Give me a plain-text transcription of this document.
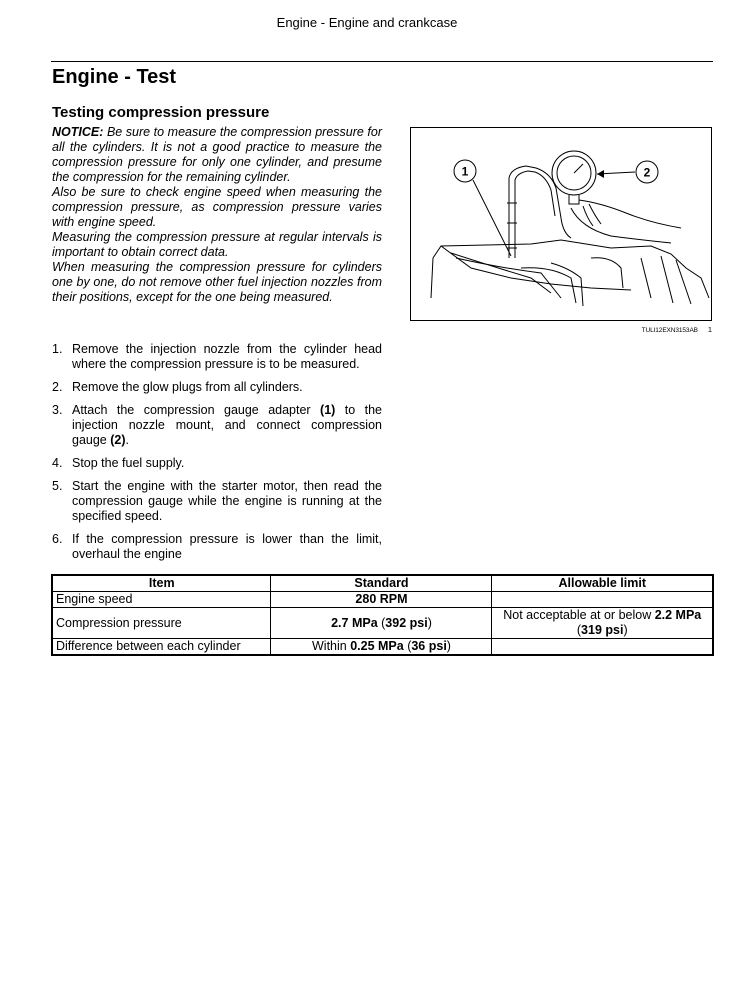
Engine - Engine and crankcase
Engine - Test
Testing compression pressure

NOTICE: Be sure to measure the compression pressure for all the cylinders. It is not a good practice to measure the compression pressure for only one cylinder, and presume the compression for the remaining cylinder.

Also be sure to check engine speed when measuring the compression pressure, as compression pressure varies with engine speed.

Measuring the compression pressure at regular intervals is important to obtain correct data.

When measuring the compression pressure for cylinders one by one, do not remove other fuel injection nozzles from their positions, except for the one being measured.

1	2
TULI12EXN3153AB 1
1. Remove the injection nozzle from the cylinder head where the compression pressure is to be measured.
2. Remove the glow plugs from all cylinders.
3. Attach the compression gauge adapter (1) to the injection nozzle mount, and connect compression gauge (2).
4. Stop the fuel supply.
5. Start the engine with the starter motor, then read the compression gauge while the engine is running at the specified speed.
6. If the compression pressure is lower than the limit, overhaul the engine
Item	Standard	Allowable limit
Engine speed	280 RPM	
Compression pressure	2.7 MPa (392 psi)	Not acceptable at or below 2.2 MPa
(319 psi)
Difference between each cylinder	Within 0.25 MPa (36 psi)	
